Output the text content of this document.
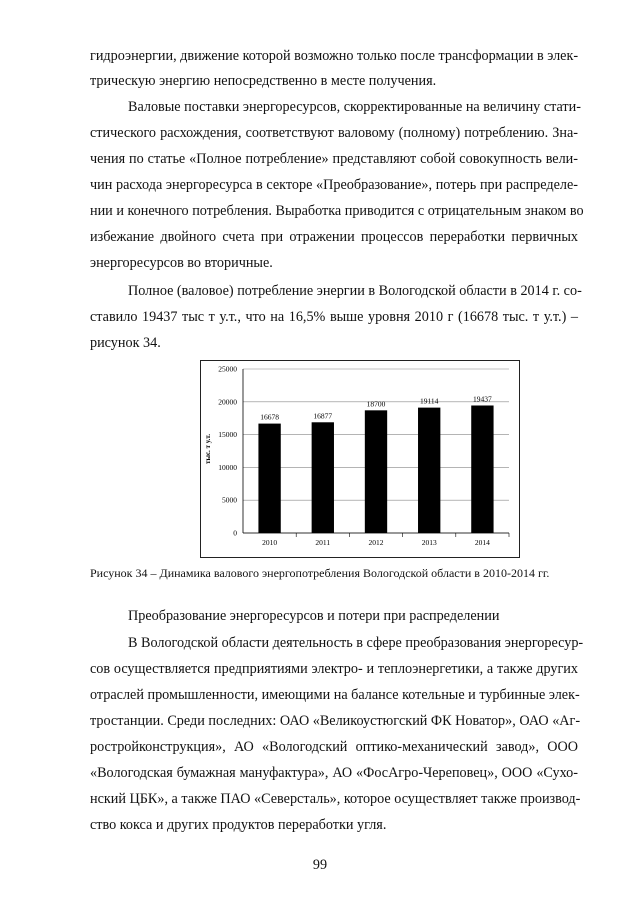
гидроэнергии, движение которой возможно только после трансформации в элек-
трическую энергию непосредственно в месте получения.
Валовые поставки энергоресурсов, скорректированные на величину стати-
стического расхождения, соответствуют валовому (полному) потреблению. Зна-
чения по статье «Полное потребление» представляют собой совокупность вели-
чин расхода энергоресурса в секторе «Преобразование», потерь при распределе-
нии и конечного потребления. Выработка приводится с отрицательным знаком во
избежание двойного счета при отражении процессов переработки первичных
энергоресурсов во вторичные.
Полное (валовое) потребление энергии в Вологодской области в 2014 г. со-
ставило 19437 тыс т у.т., что на 16,5% выше уровня 2010 г (16678 тыс. т у.т.) –
рисунок 34.
0
5000
10000
15000
20000
25000
16678
2010
16877
2011
18700
2012
19114
2013
19437
2014
тыс. т у.т.
Рисунок 34 – Динамика валового энергопотребления Вологодской области в 2010-2014 гг.
Преобразование энергоресурсов и потери при распределении
В Вологодской области деятельность в сфере преобразования энергоресур-
сов осуществляется предприятиями электро- и теплоэнергетики, а также других
отраслей промышленности, имеющими на балансе котельные и турбинные элек-
тростанции. Среди последних: ОАО «Великоустюгский ФК Новатор», ОАО «Аг-
ростройконструкция», АО «Вологодский оптико-механический завод», ООО
«Вологодская бумажная мануфактура», АО «ФосАгро-Череповец», ООО «Сухо-
нский ЦБК», а также ПАО «Северсталь», которое осуществляет также производ-
ство кокса и других продуктов переработки угля.
99
